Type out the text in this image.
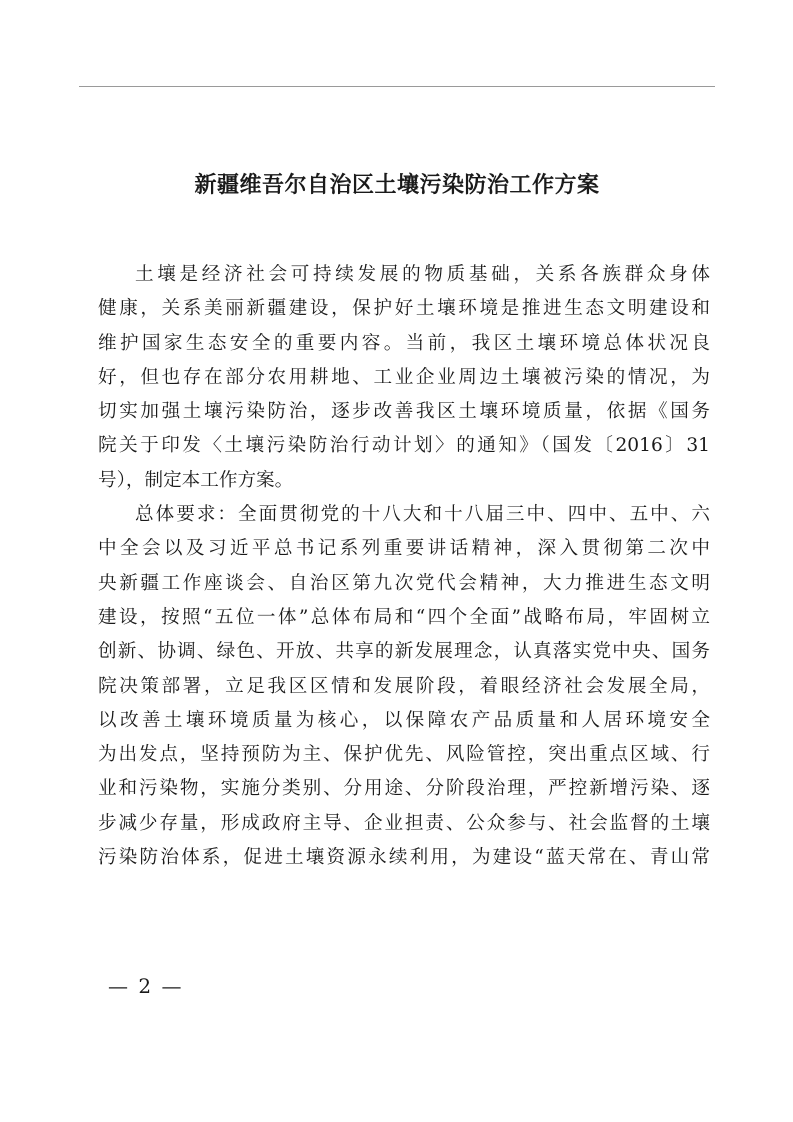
新疆维吾尔自治区土壤污染防治工作方案
土壤是经济社会可持续发展的物质基础，关系各族群众身体
健康，关系美丽新疆建设，保护好土壤环境是推进生态文明建设和
维护国家生态安全的重要内容。当前，我区土壤环境总体状况良
好，但也存在部分农用耕地、工业企业周边土壤被污染的情况，为
切实加强土壤污染防治，逐步改善我区土壤环境质量，依据《国务
院关于印发〈土壤污染防治行动计划〉的通知》（国发〔2016〕31
号），制定本工作方案。
总体要求：全面贯彻党的十八大和十八届三中、四中、五中、六
中全会以及习近平总书记系列重要讲话精神，深入贯彻第二次中
央新疆工作座谈会、自治区第九次党代会精神，大力推进生态文明
建设，按照“五位一体”总体布局和“四个全面”战略布局，牢固树立
创新、协调、绿色、开放、共享的新发展理念，认真落实党中央、国务
院决策部署，立足我区区情和发展阶段，着眼经济社会发展全局，
以改善土壤环境质量为核心，以保障农产品质量和人居环境安全
为出发点，坚持预防为主、保护优先、风险管控，突出重点区域、行
业和污染物，实施分类别、分用途、分阶段治理，严控新增污染、逐
步减少存量，形成政府主导、企业担责、公众参与、社会监督的土壤
污染防治体系，促进土壤资源永续利用，为建设“蓝天常在、青山常
— 2 —
